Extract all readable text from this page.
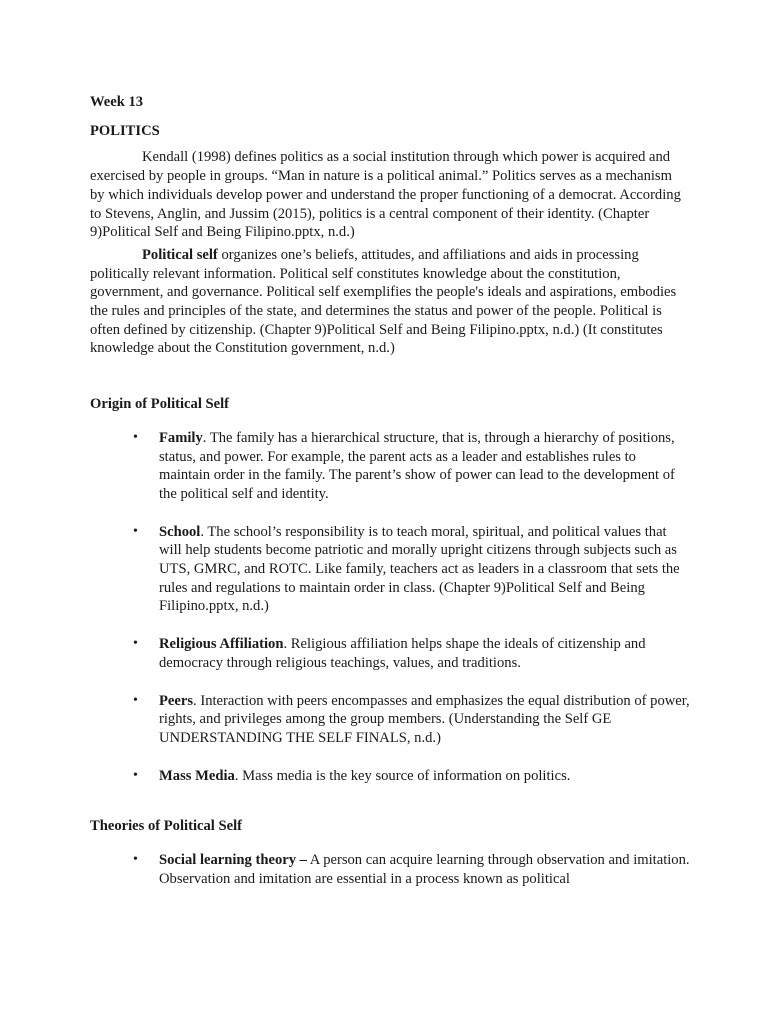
Week 13
POLITICS

Kendall (1998) defines politics as a social institution through which power is acquired and exercised by people in groups. “Man in nature is a political animal.” Politics serves as a mechanism by which individuals develop power and understand the proper functioning of a democrat. According to Stevens, Anglin, and Jussim (2015), politics is a central component of their identity. (Chapter 9)Political Self and Being Filipino.pptx, n.d.)

Political self organizes one’s beliefs, attitudes, and affiliations and aids in processing politically relevant information. Political self constitutes knowledge about the constitution, government, and governance. Political self exemplifies the people's ideals and aspirations, embodies the rules and principles of the state, and determines the status and power of the people. Political is often defined by citizenship. (Chapter 9)Political Self and Being Filipino.pptx, n.d.) (It constitutes knowledge about the Constitution government, n.d.)

Origin of Political Self
• Family. The family has a hierarchical structure, that is, through a hierarchy of positions, status, and power. For example, the parent acts as a leader and establishes rules to maintain order in the family. The parent’s show of power can lead to the development of the political self and identity.
• School. The school’s responsibility is to teach moral, spiritual, and political values that will help students become patriotic and morally upright citizens through subjects such as UTS, GMRC, and ROTC. Like family, teachers act as leaders in a classroom that sets the rules and regulations to maintain order in class. (Chapter 9)Political Self and Being Filipino.pptx, n.d.)
• Religious Affiliation. Religious affiliation helps shape the ideals of citizenship and democracy through religious teachings, values, and traditions.
• Peers. Interaction with peers encompasses and emphasizes the equal distribution of power, rights, and privileges among the group members. (Understanding the Self GE UNDERSTANDING THE SELF FINALS, n.d.)
• Mass Media. Mass media is the key source of information on politics.
Theories of Political Self
• Social learning theory – A person can acquire learning through observation and imitation. Observation and imitation are essential in a process known as political
